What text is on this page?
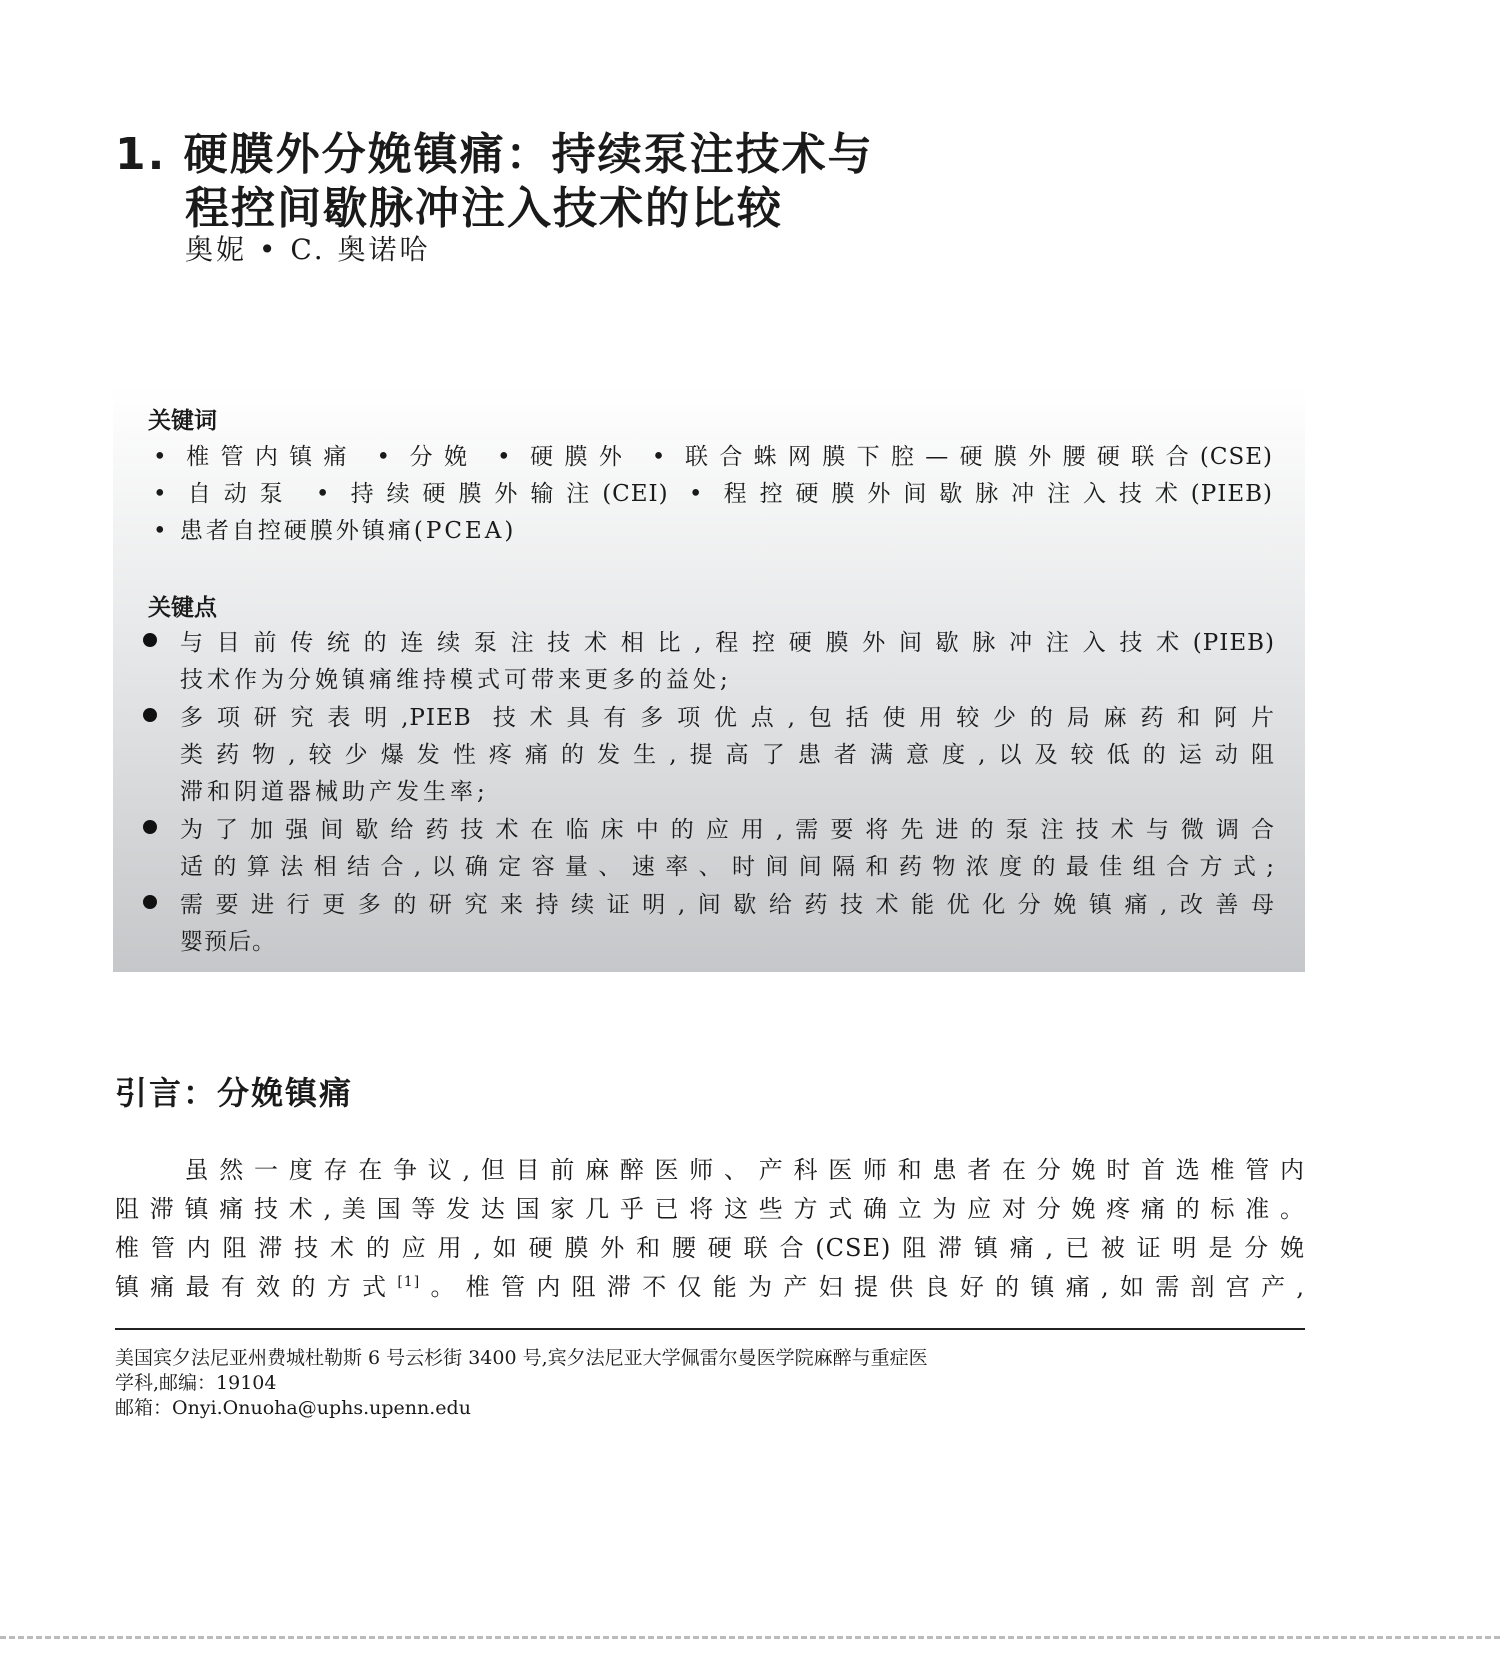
1. 硬膜外分娩镇痛：持续泵注技术与
程控间歇脉冲注入技术的比较
奥妮 • C. 奥诺哈
关键词
• 椎管内镇痛 • 分娩 • 硬膜外 • 联合蛛网膜下腔—硬膜外腰硬联合(CSE)
• 自动泵 • 持续硬膜外输注(CEI) • 程控硬膜外间歇脉冲注入技术(PIEB)
• 患者自控硬膜外镇痛(PCEA)
关键点
与目前传统的连续泵注技术相比,程控硬膜外间歇脉冲注入技术(PIEB)
技术作为分娩镇痛维持模式可带来更多的益处;
多项研究表明,PIEB 技术具有多项优点,包括使用较少的局麻药和阿片
类药物,较少爆发性疼痛的发生,提高了患者满意度,以及较低的运动阻
滞和阴道器械助产发生率;
为了加强间歇给药技术在临床中的应用,需要将先进的泵注技术与微调合
适的算法相结合,以确定容量、速率、时间间隔和药物浓度的最佳组合方式;
需要进行更多的研究来持续证明,间歇给药技术能优化分娩镇痛,改善母
婴预后。
引言：分娩镇痛
　　虽然一度存在争议,但目前麻醉医师、产科医师和患者在分娩时首选椎管内
阻滞镇痛技术,美国等发达国家几乎已将这些方式确立为应对分娩疼痛的标准。
椎管内阻滞技术的应用,如硬膜外和腰硬联合(CSE)阻滞镇痛,已被证明是分娩
镇痛最有效的方式[1]。椎管内阻滞不仅能为产妇提供良好的镇痛,如需剖宫产,
美国宾夕法尼亚州费城杜勒斯 6 号云杉街 3400 号,宾夕法尼亚大学佩雷尔曼医学院麻醉与重症医
学科,邮编：19104
邮箱：Onyi.Onuoha@uphs.upenn.edu
